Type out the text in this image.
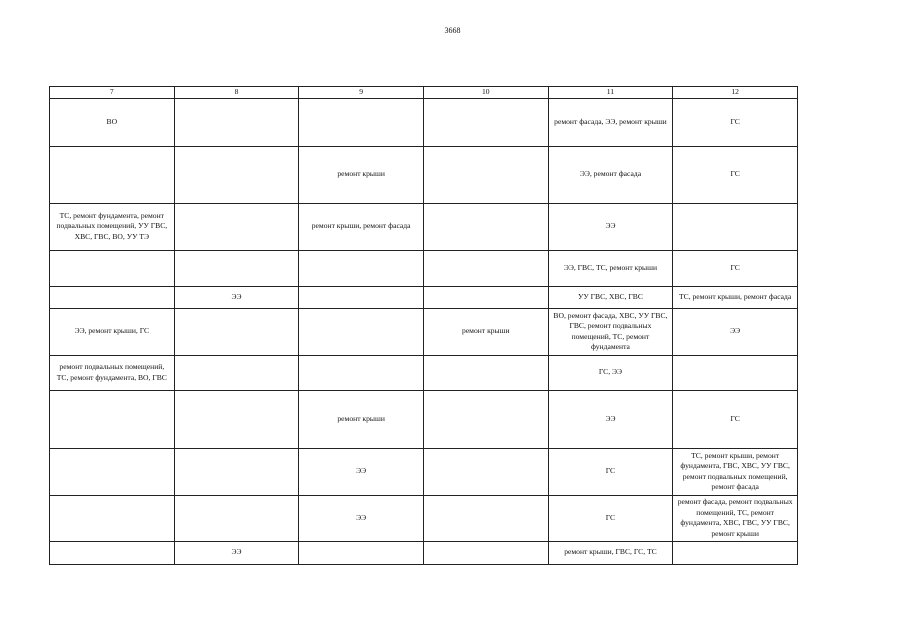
3668
7	8	9	10	11	12
ВО				ремонт фасада, ЭЭ, ремонт крыши	ГС
		ремонт крыши		ЭЭ, ремонт фасада	ГС
ТС, ремонт фундамента, ремонт подвальных помещений, УУ ГВС, ХВС, ГВС, ВО, УУ ТЭ		ремонт крыши, ремонт фасада		ЭЭ	
				ЭЭ, ГВС, ТС, ремонт крыши	ГС
	ЭЭ			УУ ГВС, ХВС, ГВС	ТС, ремонт крыши, ремонт фасада
ЭЭ, ремонт крыши, ГС			ремонт крыши	ВО, ремонт фасада, ХВС, УУ ГВС, ГВС, ремонт подвальных помещений, ТС, ремонт фундамента	ЭЭ
ремонт подвальных помещений, ТС, ремонт фундамента, ВО, ГВС				ГС, ЭЭ	
		ремонт крыши		ЭЭ	ГС
		ЭЭ		ГС	ТС, ремонт крыши, ремонт фундамента, ГВС, ХВС, УУ ГВС, ремонт подвальных помещений, ремонт фасада
		ЭЭ		ГС	ремонт фасада, ремонт подвальных помещений, ТС, ремонт фундамента, ХВС, ГВС, УУ ГВС, ремонт крыши
	ЭЭ			ремонт крыши, ГВС, ГС, ТС	
